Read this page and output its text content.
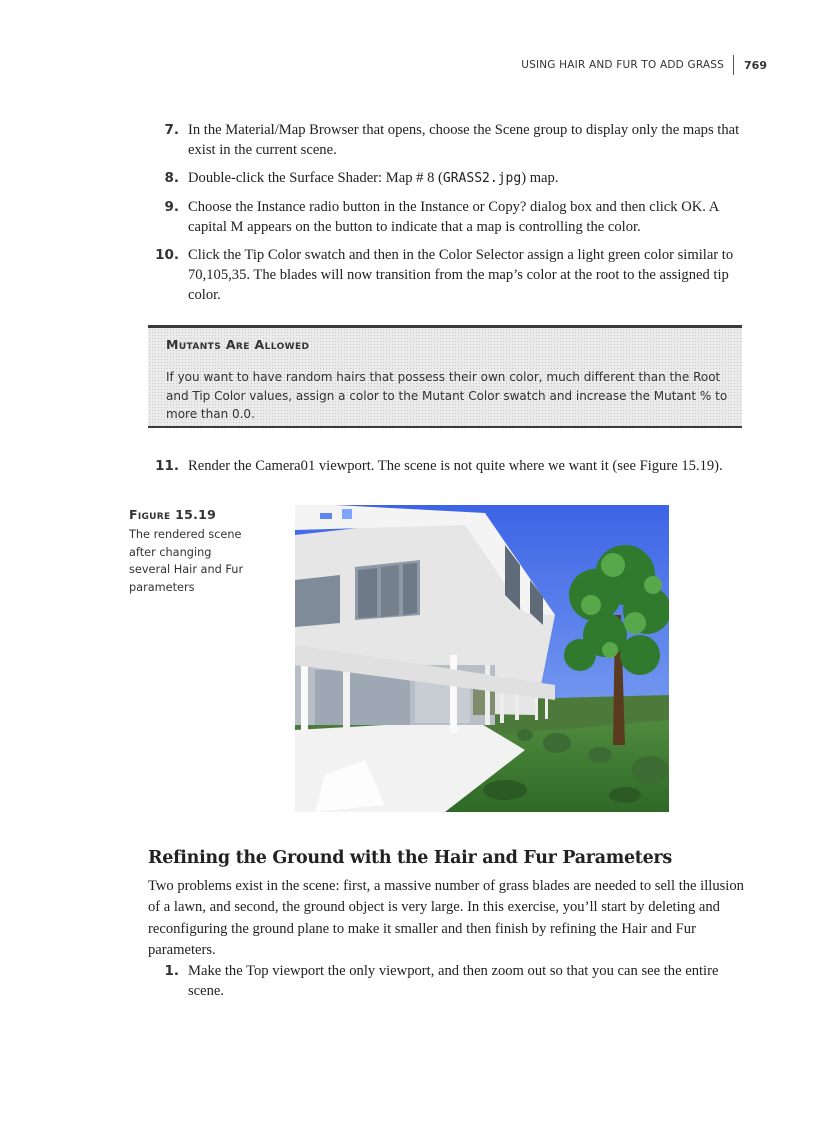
USING HAIR AND FUR TO ADD GRASS	769
7. In the Material/Map Browser that opens, choose the Scene group to display only the maps that exist in the current scene.
8. Double-click the Surface Shader: Map # 8 (GRASS2.jpg) map.
9. Choose the Instance radio button in the Instance or Copy? dialog box and then click OK. A capital M appears on the button to indicate that a map is controlling the color.
10. Click the Tip Color swatch and then in the Color Selector assign a light green color similar to 70,105,35. The blades will now transition from the map’s color at the root to the assigned tip color.
Mutants Are Allowed
If you want to have random hairs that possess their own color, much different than the Root and Tip Color values, assign a color to the Mutant Color swatch and increase the Mutant % to more than 0.0.
11. Render the Camera01 viewport. The scene is not quite where we want it (see Figure 15.19).
Figure 15.19
The rendered scene after changing several Hair and Fur parameters
Refining the Ground with the Hair and Fur Parameters

Two problems exist in the scene: first, a massive number of grass blades are needed to sell the illusion of a lawn, and second, the ground object is very large. In this exercise, you’ll start by deleting and reconfiguring the ground plane to make it smaller and then finish by refining the Hair and Fur parameters.

1. Make the Top viewport the only viewport, and then zoom out so that you can see the entire scene.
